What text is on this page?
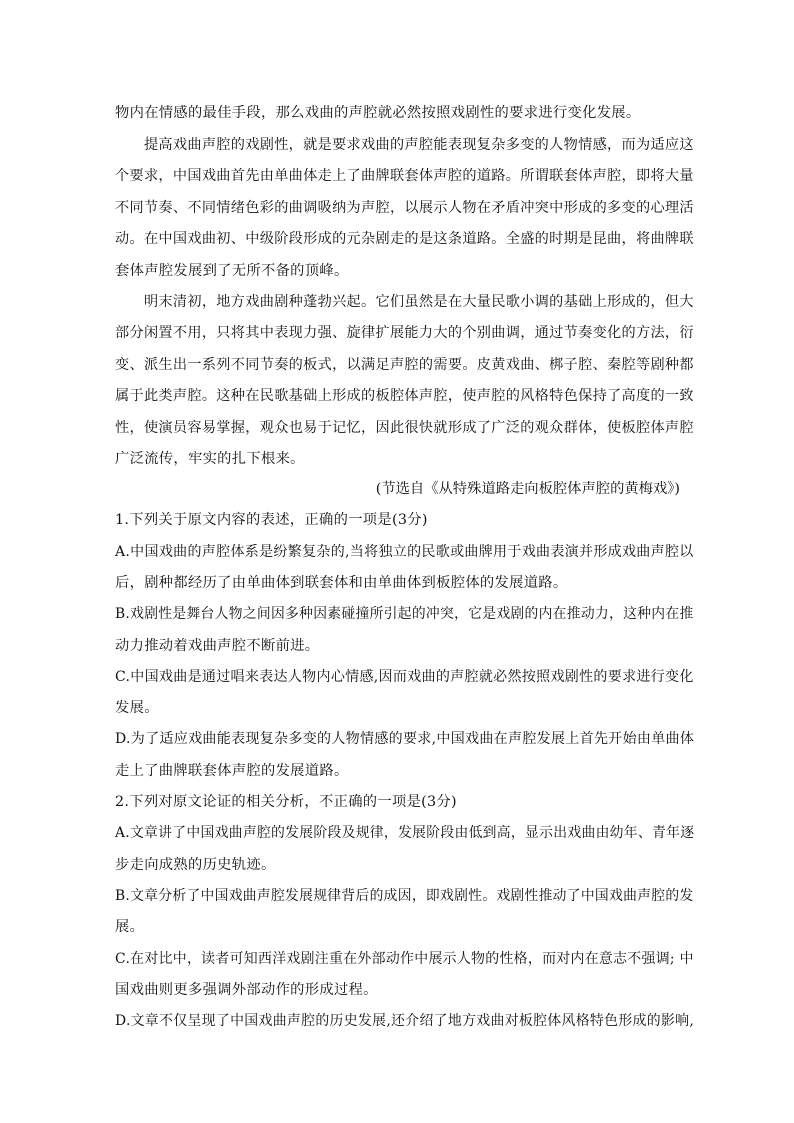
物内在情感的最佳手段，那么戏曲的声腔就必然按照戏剧性的要求进行变化发展。
　　提高戏曲声腔的戏剧性，就是要求戏曲的声腔能表现复杂多变的人物情感，而为适应这
个要求，中国戏曲首先由单曲体走上了曲牌联套体声腔的道路。所谓联套体声腔，即将大量
不同节奏、不同情绪色彩的曲调吸纳为声腔，以展示人物在矛盾冲突中形成的多变的心理活
动。在中国戏曲初、中级阶段形成的元杂剧走的是这条道路。全盛的时期是昆曲，将曲牌联
套体声腔发展到了无所不备的顶峰。
　　明末清初，地方戏曲剧种蓬勃兴起。它们虽然是在大量民歌小调的基础上形成的，但大
部分闲置不用，只将其中表现力强、旋律扩展能力大的个别曲调，通过节奏变化的方法，衍
变、派生出一系列不同节奏的板式，以满足声腔的需要。皮黄戏曲、梆子腔、秦腔等剧种都
属于此类声腔。这种在民歌基础上形成的板腔体声腔，使声腔的风格特色保持了高度的一致
性，使演员容易掌握，观众也易于记忆，因此很快就形成了广泛的观众群体，使板腔体声腔
广泛流传，牢实的扎下根来。
(节选自《从特殊道路走向板腔体声腔的黄梅戏》)
1.下列关于原文内容的表述，正确的一项是(3分)
A.中国戏曲的声腔体系是纷繁复杂的,当将独立的民歌或曲牌用于戏曲表演并形成戏曲声腔以
后，剧种都经历了由单曲体到联套体和由单曲体到板腔体的发展道路。
B.戏剧性是舞台人物之间因多种因素碰撞所引起的冲突，它是戏剧的内在推动力，这种内在推
动力推动着戏曲声腔不断前进。
C.中国戏曲是通过唱来表达人物内心情感,因而戏曲的声腔就必然按照戏剧性的要求进行变化
发展。
D.为了适应戏曲能表现复杂多变的人物情感的要求,中国戏曲在声腔发展上首先开始由单曲体
走上了曲牌联套体声腔的发展道路。
2.下列对原文论证的相关分析，不正确的一项是(3分)
A.文章讲了中国戏曲声腔的发展阶段及规律，发展阶段由低到高，显示出戏曲由幼年、青年逐
步走向成熟的历史轨迹。
B.文章分析了中国戏曲声腔发展规律背后的成因，即戏剧性。戏剧性推动了中国戏曲声腔的发
展。
C.在对比中，读者可知西洋戏剧注重在外部动作中展示人物的性格，而对内在意志不强调; 中
国戏曲则更多强调外部动作的形成过程。
D.文章不仅呈现了中国戏曲声腔的历史发展,还介绍了地方戏曲对板腔体风格特色形成的影响,
